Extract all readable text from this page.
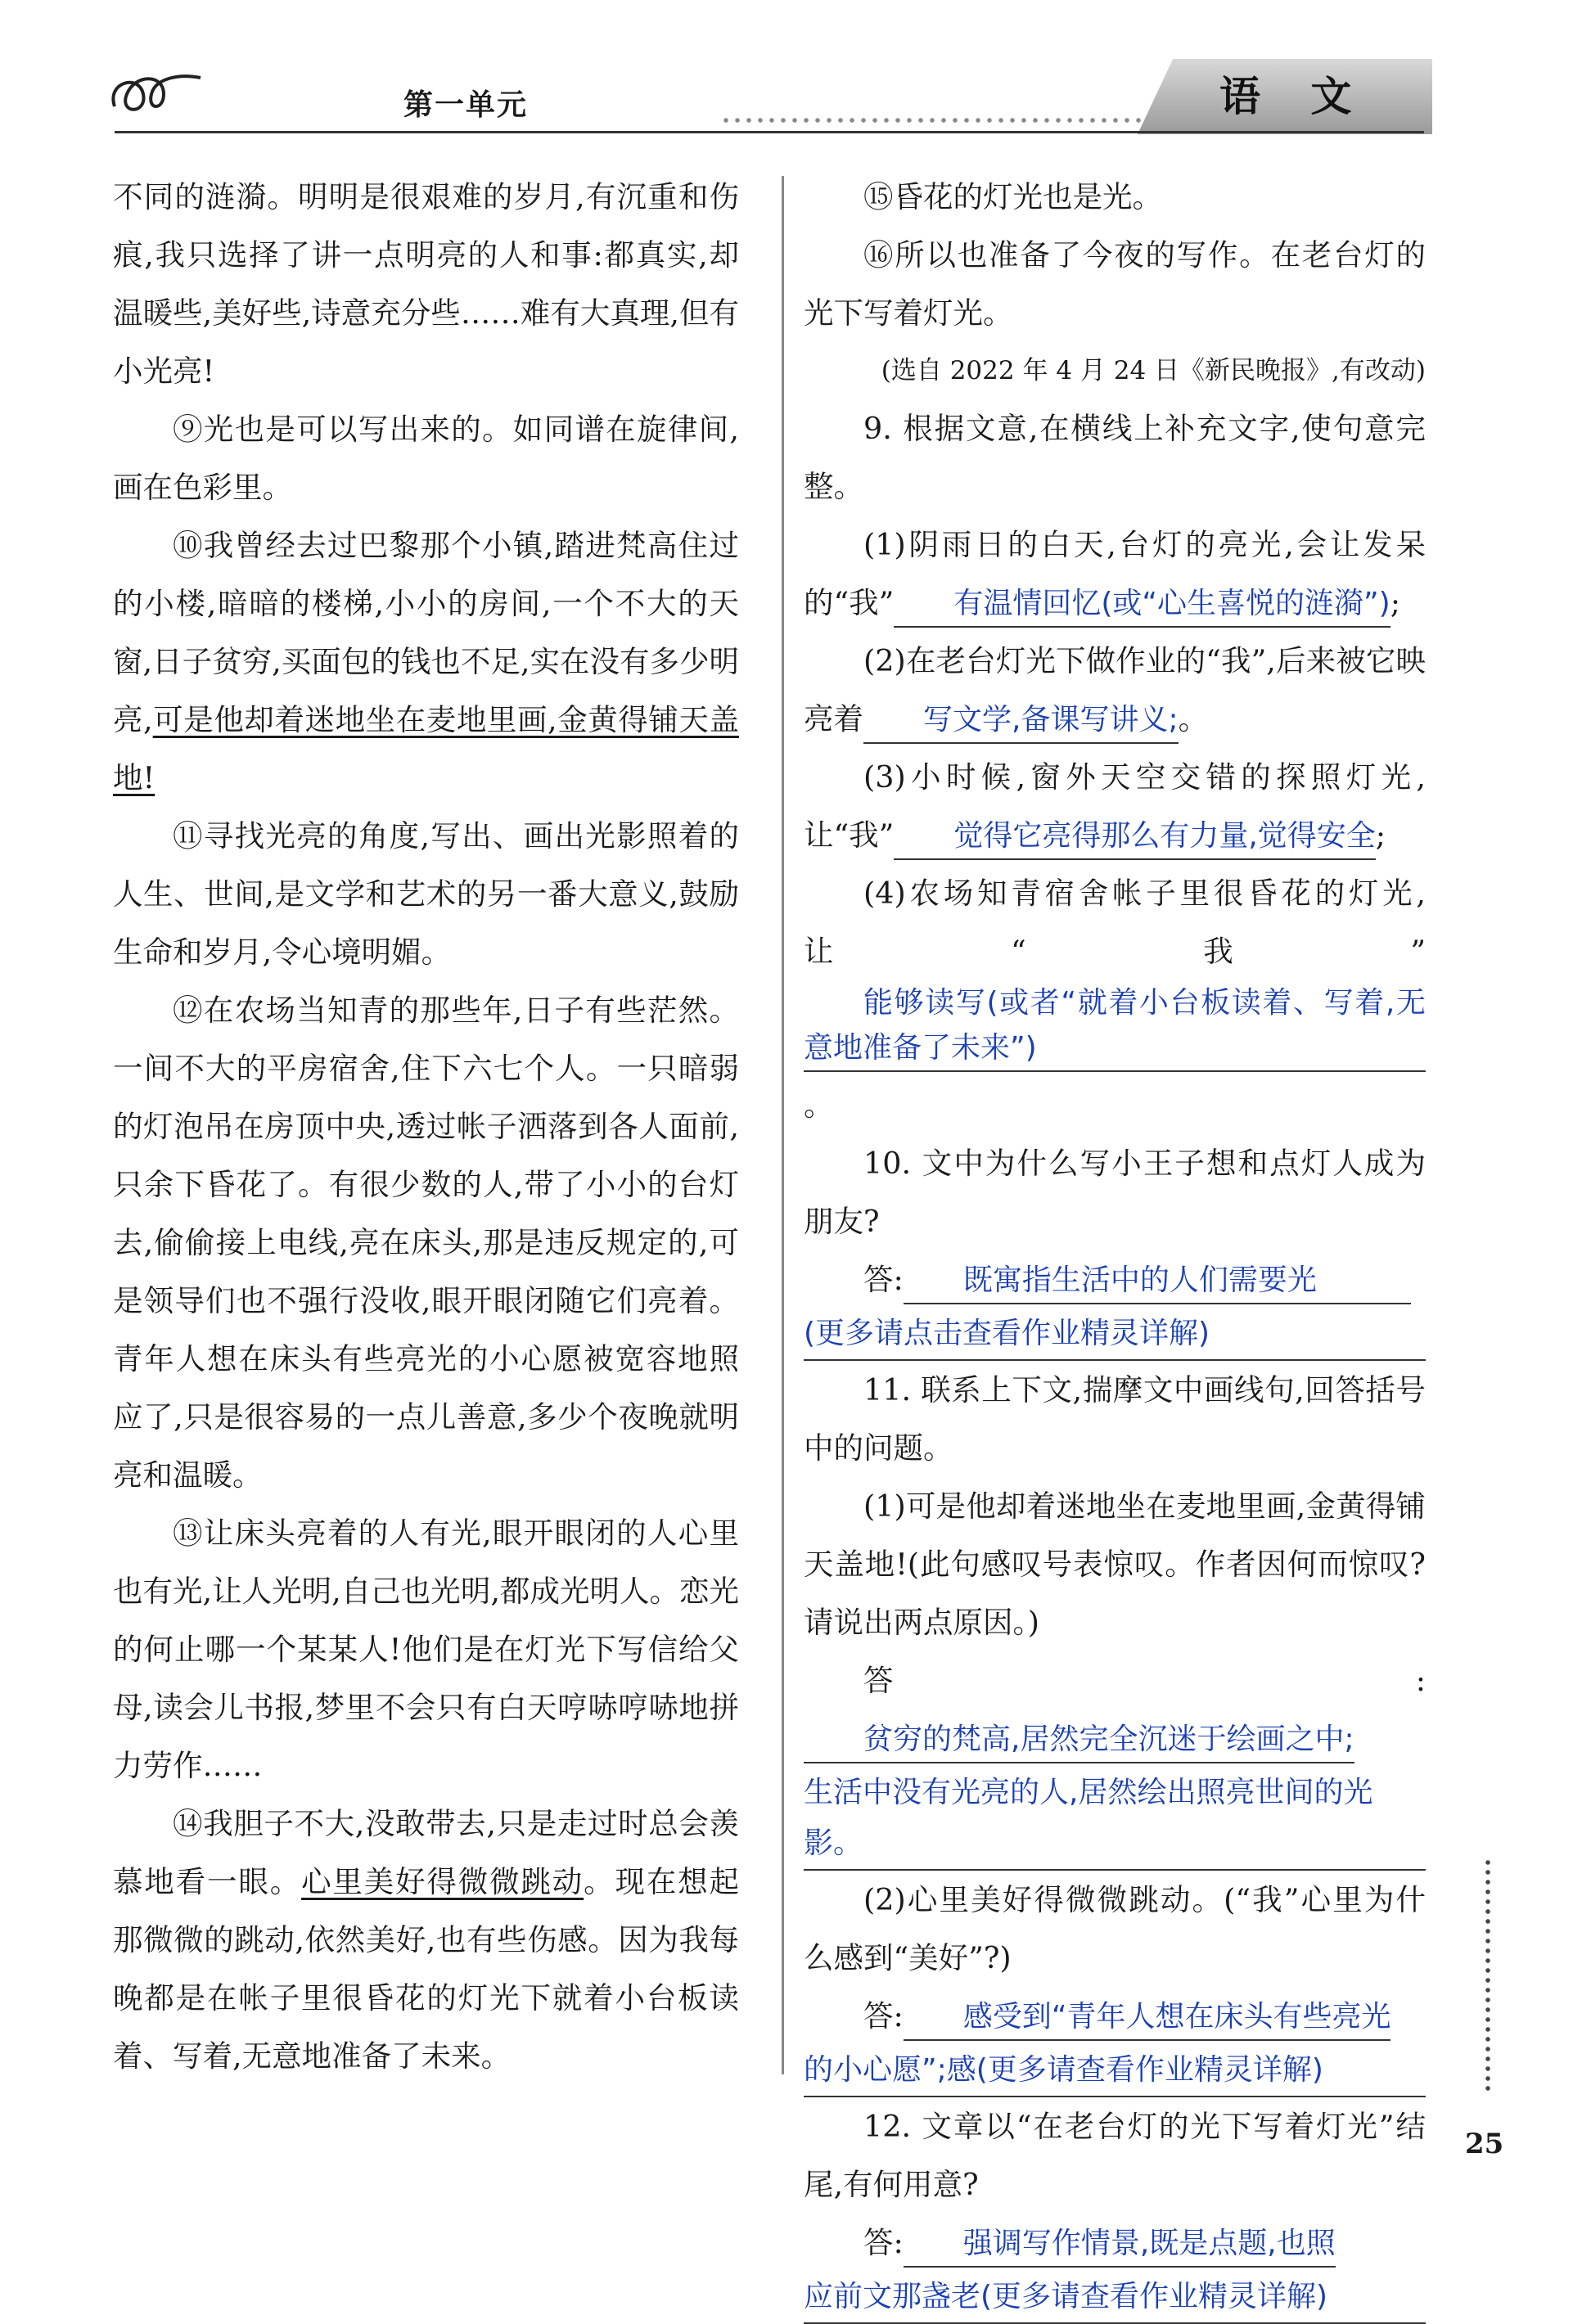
第一单元	语 文

不同的涟漪。明明是很艰难的岁月,有沉重和伤痕,我只选择了讲一点明亮的人和事:都真实,却温暖些,美好些,诗意充分些……难有大真理,但有小光亮!

⑨光也是可以写出来的。如同谱在旋律间,画在色彩里。

⑩我曾经去过巴黎那个小镇,踏进梵高住过的小楼,暗暗的楼梯,小小的房间,一个不大的天窗,日子贫穷,买面包的钱也不足,实在没有多少明亮,可是他却着迷地坐在麦地里画,金黄得铺天盖地!

⑪寻找光亮的角度,写出、画出光影照着的人生、世间,是文学和艺术的另一番大意义,鼓励生命和岁月,令心境明媚。

⑫在农场当知青的那些年,日子有些茫然。一间不大的平房宿舍,住下六七个人。一只暗弱的灯泡吊在房顶中央,透过帐子洒落到各人面前,只余下昏花了。有很少数的人,带了小小的台灯去,偷偷接上电线,亮在床头,那是违反规定的,可是领导们也不强行没收,眼开眼闭随它们亮着。青年人想在床头有些亮光的小心愿被宽容地照应了,只是很容易的一点儿善意,多少个夜晚就明亮和温暖。

⑬让床头亮着的人有光,眼开眼闭的人心里也有光,让人光明,自己也光明,都成光明人。恋光的何止哪一个某某人!他们是在灯光下写信给父母,读会儿书报,梦里不会只有白天哼哧哼哧地拼力劳作……

⑭我胆子不大,没敢带去,只是走过时总会羡慕地看一眼。心里美好得微微跳动。现在想起那微微的跳动,依然美好,也有些伤感。因为我每晚都是在帐子里很昏花的灯光下就着小台板读着、写着,无意地准备了未来。

⑮昏花的灯光也是光。

⑯所以也准备了今夜的写作。在老台灯的光下写着灯光。

(选自 2022 年 4 月 24 日《新民晚报》,有改动)

9. 根据文意,在横线上补充文字,使句意完整。

(1)阴雨日的白天,台灯的亮光,会让发呆的“我” 有温情回忆(或“心生喜悦的涟漪”);

(2)在老台灯光下做作业的“我”,后来被它映亮着 写文学,备课写讲义;。

(3)小时候,窗外天空交错的探照灯光,让“我” 觉得它亮得那么有力量,觉得安全;

(4)农场知青宿舍帐子里很昏花的灯光,让“我”能够读写(或者“就着小台板读着、写着,无意地准备了未来”)。

10. 文中为什么写小王子想和点灯人成为朋友?

答: 既寓指生活中的人们需要光

(更多请点击查看作业精灵详解)

11. 联系上下文,揣摩文中画线句,回答括号中的问题。

(1)可是他却着迷地坐在麦地里画,金黄得铺天盖地!(此句感叹号表惊叹。作者因何而惊叹?请说出两点原因。)

答:贫穷的梵高,居然完全沉迷于绘画之中;

生活中没有光亮的人,居然绘出照亮世间的光影。

(2)心里美好得微微跳动。(“我”心里为什么感到“美好”?)

答: 感受到“青年人想在床头有些亮光

的小心愿”;感(更多请查看作业精灵详解)

12. 文章以“在老台灯的光下写着灯光”结尾,有何用意?

答: 强调写作情景,既是点题,也照

应前文那盏老(更多请查看作业精灵详解)
25
